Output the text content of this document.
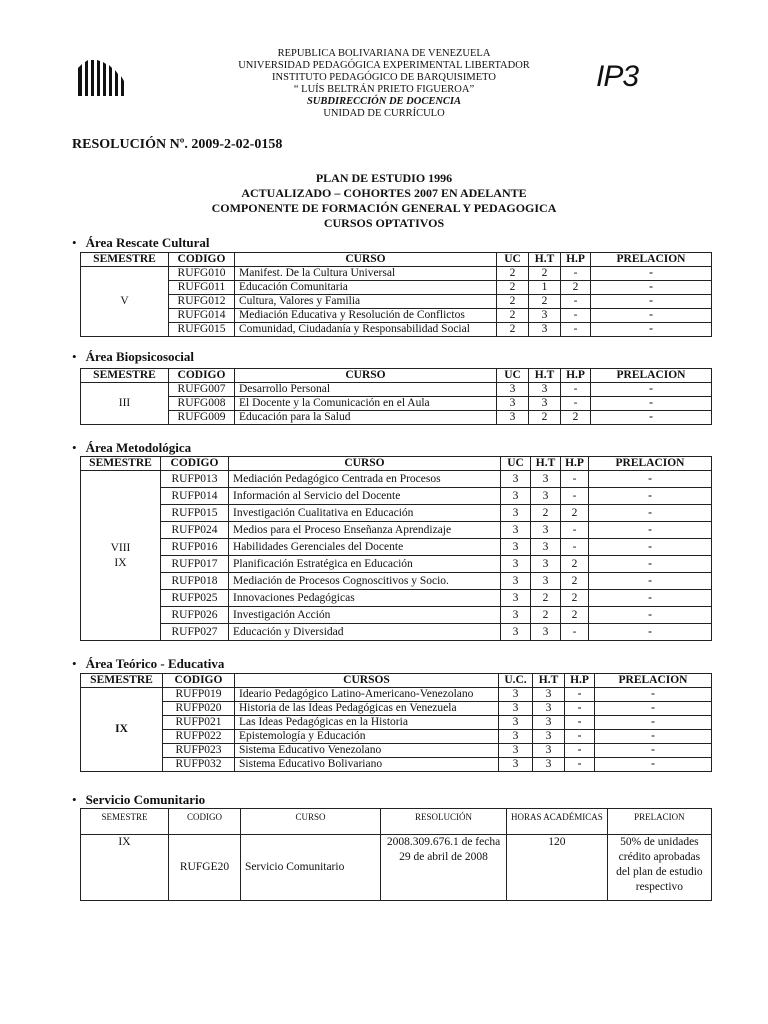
IP3
REPUBLICA BOLIVARIANA DE VENEZUELA
UNIVERSIDAD PEDAGÓGICA EXPERIMENTAL LIBERTADOR
INSTITUTO PEDAGÓGICO DE BARQUISIMETO
“ LUÍS BELTRÁN PRIETO FIGUEROA”
SUBDIRECCIÓN DE DOCENCIA
UNIDAD DE CURRÍCULO
RESOLUCIÓN Nº. 2009-2-02-0158
PLAN DE ESTUDIO 1996
ACTUALIZADO – COHORTES 2007 EN ADELANTE
COMPONENTE DE FORMACIÓN GENERAL Y PEDAGOGICA
CURSOS OPTATIVOS
• Área Rescate Cultural
SEMESTRE	CODIGO	CURSO	UC	H.T	H.P	PRELACION
V	RUFG010	Manifest. De la Cultura Universal	2	2	-	-
	RUFG011	Educación Comunitaria	2	1	2	-
	RUFG012	Cultura, Valores y Familia	2	2	-	-
	RUFG014	Mediación Educativa y Resolución de Conflictos	2	3	-	-
	RUFG015	Comunidad, Ciudadanía y Responsabilidad Social	2	3	-	-
• Área Biopsicosocial
SEMESTRE	CODIGO	CURSO	UC	H.T	H.P	PRELACION
III	RUFG007	Desarrollo Personal	3	3	-	-
	RUFG008	El Docente y la Comunicación en el Aula	3	3	-	-
	RUFG009	Educación para la Salud	3	2	2	-
• Área Metodológica
SEMESTRE	CODIGO	CURSO	UC	H.T	H.P	PRELACION
VIII
IX	RUFP013	Mediación Pedagógico Centrada en Procesos	3	3	-	-
	RUFP014	Información al Servicio del Docente	3	3	-	-
	RUFP015	Investigación Cualitativa en Educación	3	2	2	-
	RUFP024	Medios para el Proceso Enseñanza Aprendizaje	3	3	-	-
	RUFP016	Habilidades Gerenciales del Docente	3	3	-	-
	RUFP017	Planificación Estratégica en Educación	3	3	2	-
	RUFP018	Mediación de Procesos Cognoscitivos y Socio.	3	3	2	-
	RUFP025	Innovaciones Pedagógicas	3	2	2	-
	RUFP026	Investigación Acción	3	2	2	-
	RUFP027	Educación y Diversidad	3	3	-	-
• Área Teórico - Educativa
SEMESTRE	CODIGO	CURSOS	U.C.	H.T	H.P	PRELACION
IX	RUFP019	Ideario Pedagógico Latino-Americano-Venezolano	3	3	-	-
	RUFP020	Historia de las Ideas Pedagógicas en Venezuela	3	3	-	-
	RUFP021	Las Ideas Pedagógicas en la Historia	3	3	-	-
	RUFP022	Epistemología y Educación	3	3	-	-
	RUFP023	Sistema Educativo Venezolano	3	3	-	-
	RUFP032	Sistema Educativo Bolivariano	3	3	-	-
• Servicio Comunitario
SEMESTRE	CODIGO	CURSO	RESOLUCIÓN	HORAS ACADÉMICAS	PRELACION
IX	RUFGE20	Servicio Comunitario	2008.309.676.1 de fecha 29 de abril de 2008	120	50% de unidades crédito aprobadas del plan de estudio respectivo
